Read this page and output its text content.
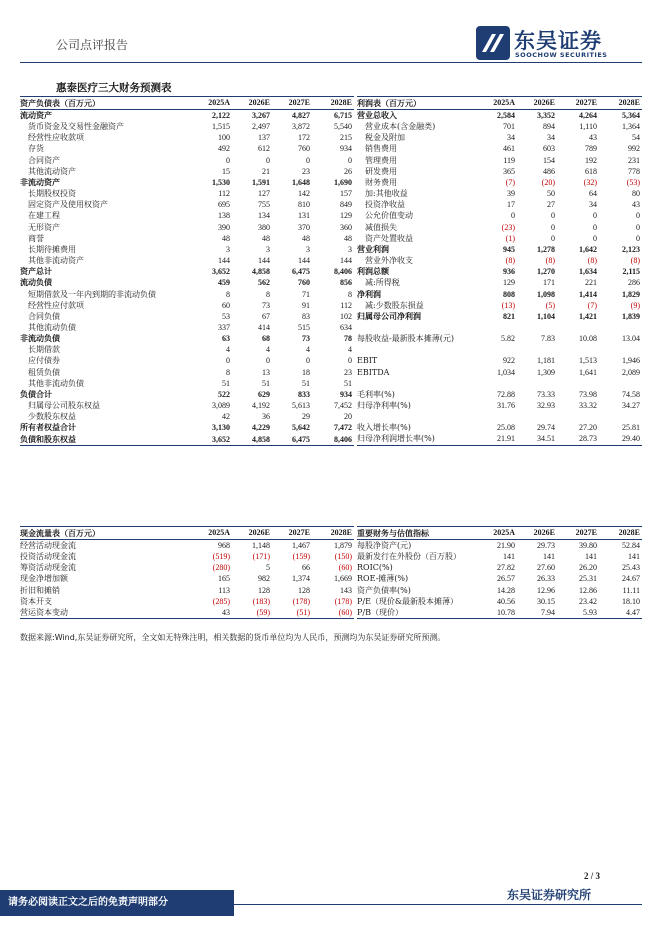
公司点评报告	东吴证券
SOOCHOW SECURITIES
惠泰医疗三大财务预测表
资产负债表（百万元）	2025A	2026E	2027E	2028E
流动资产	2,122	3,267	4,827	6,715
货币资金及交易性金融资产	1,515	2,497	3,872	5,540
经营性应收款项	100	137	172	215
存货	492	612	760	934
合同资产	0	0	0	0
其他流动资产	15	21	23	26
非流动资产	1,530	1,591	1,648	1,690
长期股权投资	112	127	142	157
固定资产及使用权资产	695	755	810	849
在建工程	138	134	131	129
无形资产	390	380	370	360
商誉	48	48	48	48
长期待摊费用	3	3	3	3
其他非流动资产	144	144	144	144
资产总计	3,652	4,858	6,475	8,406
流动负债	459	562	760	856
短期借款及一年内到期的非流动负债	8	8	71	8
经营性应付款项	60	73	91	112
合同负债	53	67	83	102
其他流动负债	337	414	515	634
非流动负债	63	68	73	78
长期借款	4	4	4	4
应付债券	0	0	0	0
租赁负债	8	13	18	23
其他非流动负债	51	51	51	51
负债合计	522	629	833	934
归属母公司股东权益	3,089	4,192	5,613	7,452
少数股东权益	42	36	29	20
所有者权益合计	3,130	4,229	5,642	7,472
负债和股东权益	3,652	4,858	6,475	8,406
利润表（百万元）	2025A	2026E	2027E	2028E
营业总收入	2,584	3,352	4,264	5,364
营业成本(含金融类)	701	894	1,110	1,364
税金及附加	34	34	43	54
销售费用	461	603	789	992
管理费用	119	154	192	231
研发费用	365	486	618	778
财务费用	(7)	(20)	(32)	(53)
加:其他收益	39	50	64	80
投资净收益	17	27	34	43
公允价值变动	0	0	0	0
减值损失	(23)	0	0	0
资产处置收益	(1)	0	0	0
营业利润	945	1,278	1,642	2,123
营业外净收支	(8)	(8)	(8)	(8)
利润总额	936	1,270	1,634	2,115
减:所得税	129	171	221	286
净利润	808	1,098	1,414	1,829
减:少数股东损益	(13)	(5)	(7)	(9)
归属母公司净利润	821	1,104	1,421	1,839

每股收益-最新股本摊薄(元)	5.82	7.83	10.08	13.04

EBIT	922	1,181	1,513	1,946
EBITDA	1,034	1,309	1,641	2,089

毛利率(%)	72.88	73.33	73.98	74.58
归母净利率(%)	31.76	32.93	33.32	34.27

收入增长率(%)	25.08	29.74	27.20	25.81
归母净利润增长率(%)	21.91	34.51	28.73	29.40
现金流量表（百万元）	2025A	2026E	2027E	2028E
经营活动现金流	968	1,148	1,467	1,879
投资活动现金流	(519)	(171)	(159)	(150)
筹资活动现金流	(280)	5	66	(60)
现金净增加额	165	982	1,374	1,669
折旧和摊销	113	128	128	143
资本开支	(285)	(183)	(178)	(178)
营运资本变动	43	(59)	(51)	(60)
重要财务与估值指标	2025A	2026E	2027E	2028E
每股净资产(元)	21.90	29.73	39.80	52.84
最新发行在外股份（百万股）	141	141	141	141
ROIC(%)	27.82	27.60	26.20	25.43
ROE-摊薄(%)	26.57	26.33	25.31	24.67
资产负债率(%)	14.28	12.96	12.86	11.11
P/E（现价&最新股本摊薄）	40.56	30.15	23.42	18.10
P/B（现价）	10.78	7.94	5.93	4.47
数据来源:Wind,东吴证券研究所，全文如无特殊注明，相关数据的货币单位均为人民币，预测均为东吴证券研究所预测。
2 / 3
东吴证券研究所
请务必阅读正文之后的免责声明部分
